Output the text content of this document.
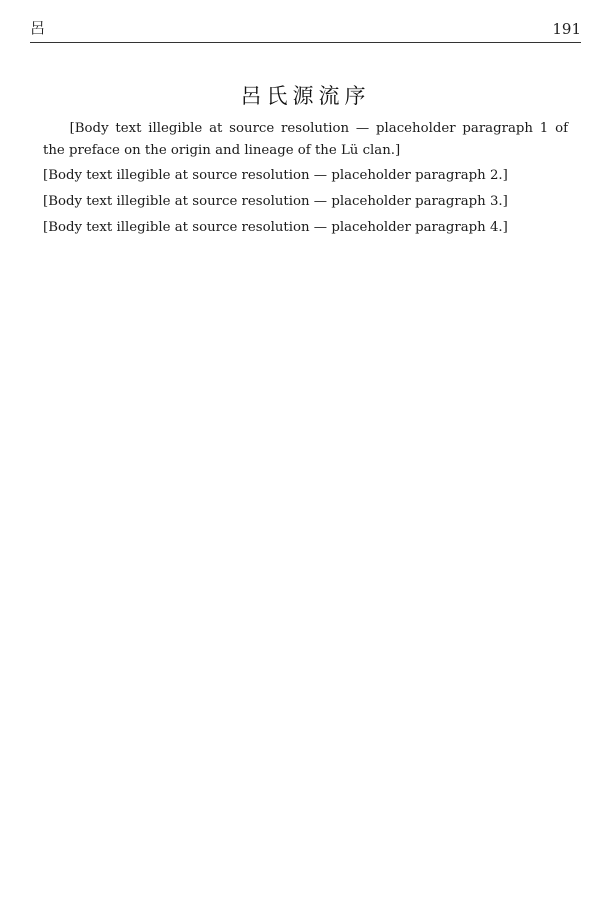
呂	191
呂氏源流序

[Body text illegible at source resolution — placeholder paragraph 1 of the preface on the origin and lineage of the Lü clan.]

[Body text illegible at source resolution — placeholder paragraph 2.]

[Body text illegible at source resolution — placeholder paragraph 3.]

[Body text illegible at source resolution — placeholder paragraph 4.]
